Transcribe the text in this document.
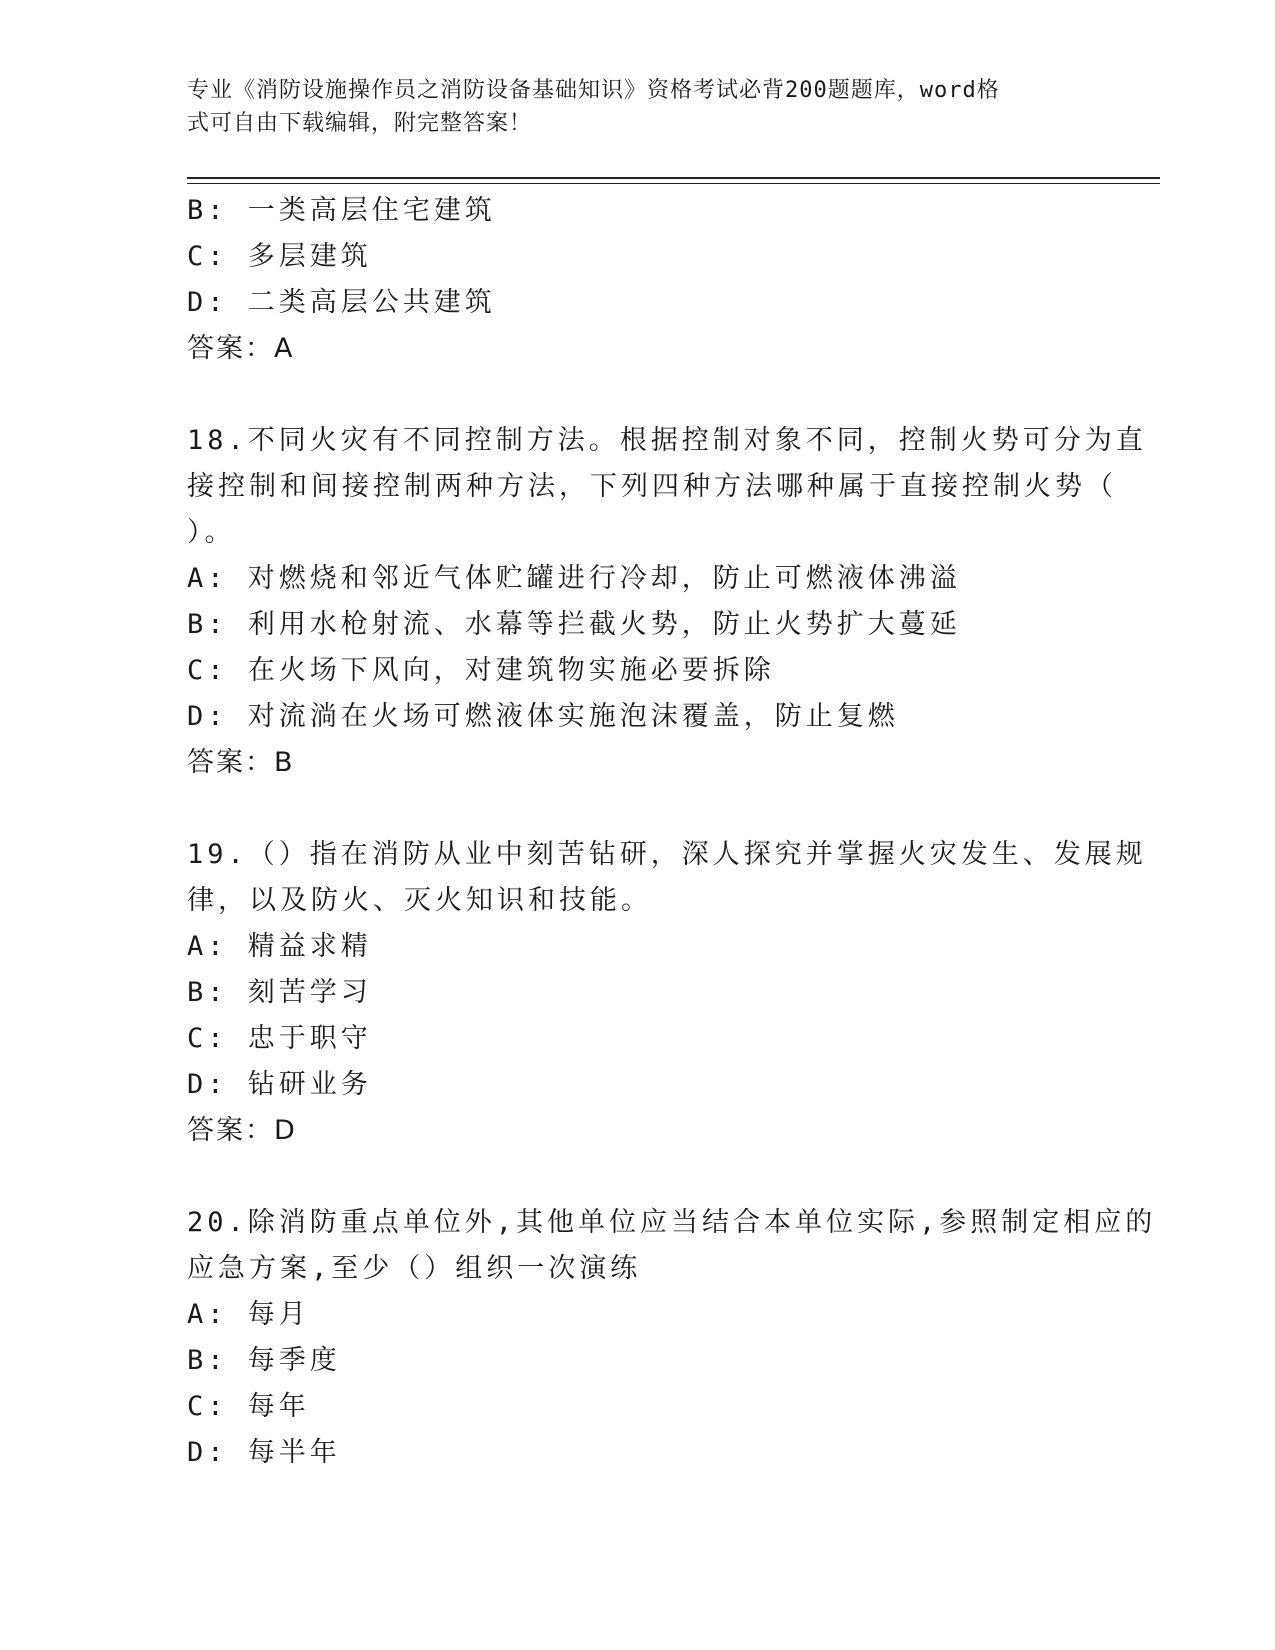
专业《消防设施操作员之消防设备基础知识》资格考试必背200题题库，word格
式可自由下载编辑，附完整答案！
B: 一类高层住宅建筑
C: 多层建筑
D: 二类高层公共建筑
答案：A
18.不同火灾有不同控制方法。根据控制对象不同，控制火势可分为直
接控制和间接控制两种方法，下列四种方法哪种属于直接控制火势（
）。
A: 对燃烧和邻近气体贮罐进行冷却，防止可燃液体沸溢
B: 利用水枪射流、水幕等拦截火势，防止火势扩大蔓延
C: 在火场下风向，对建筑物实施必要拆除
D: 对流淌在火场可燃液体实施泡沫覆盖，防止复燃
答案：B
19.（）指在消防从业中刻苦钻研，深人探究并掌握火灾发生、发展规
律，以及防火、灭火知识和技能。
A: 精益求精
B: 刻苦学习
C: 忠于职守
D: 钻研业务
答案：D
20.除消防重点单位外,其他单位应当结合本单位实际,参照制定相应的
应急方案,至少（）组织一次演练
A: 每月
B: 每季度
C: 每年
D: 每半年
